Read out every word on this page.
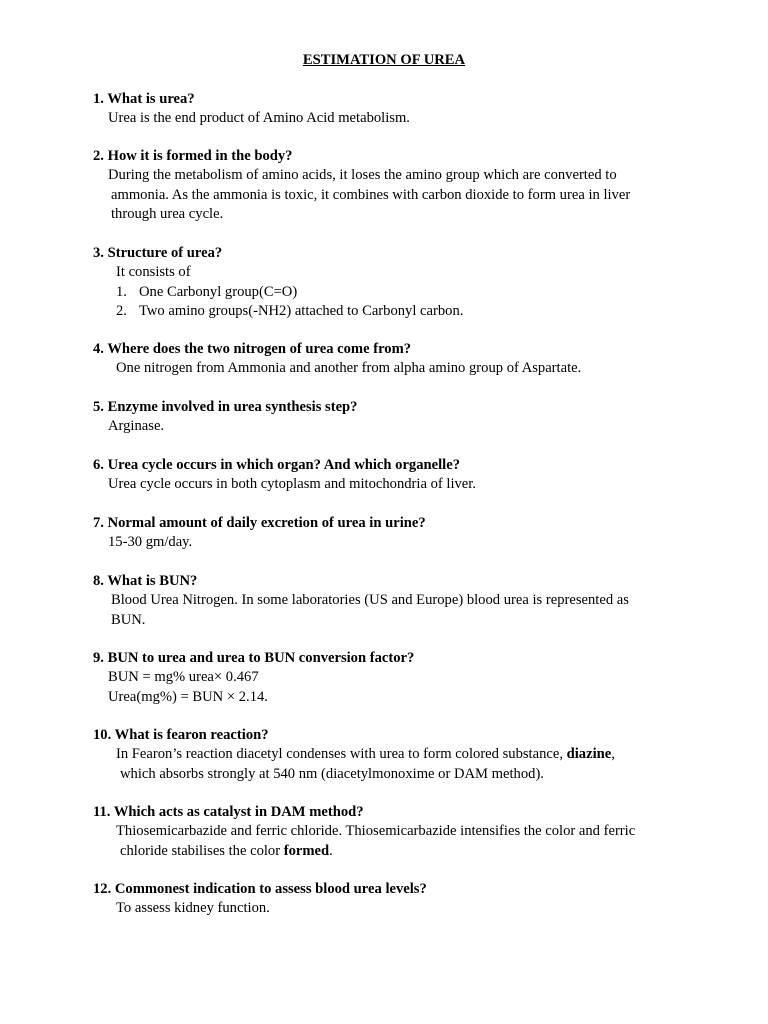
ESTIMATION OF UREA
1. What is urea?
Urea is the end product of Amino Acid metabolism.
2. How it is formed in the body?
During the metabolism of amino acids, it loses the amino group which are converted to
ammonia. As the ammonia is toxic, it combines with carbon dioxide to form urea in liver
through urea cycle.
3. Structure of urea?
It consists of
1. One Carbonyl group(C=O)
2. Two amino groups(-NH2) attached to Carbonyl carbon.
4. Where does the two nitrogen of urea come from?
One nitrogen from Ammonia and another from alpha amino group of Aspartate.
5. Enzyme involved in urea synthesis step?
Arginase.
6. Urea cycle occurs in which organ? And which organelle?
Urea cycle occurs in both cytoplasm and mitochondria of liver.
7. Normal amount of daily excretion of urea in urine?
15-30 gm/day.
8. What is BUN?
Blood Urea Nitrogen. In some laboratories (US and Europe) blood urea is represented as
BUN.
9. BUN to urea and urea to BUN conversion factor?
BUN = mg% urea× 0.467
Urea(mg%) = BUN × 2.14.
10. What is fearon reaction?
In Fearon’s reaction diacetyl condenses with urea to form colored substance, diazine,
which absorbs strongly at 540 nm (diacetylmonoxime or DAM method).
11. Which acts as catalyst in DAM method?
Thiosemicarbazide and ferric chloride. Thiosemicarbazide intensifies the color and ferric
chloride stabilises the color formed.
12. Commonest indication to assess blood urea levels?
To assess kidney function.
